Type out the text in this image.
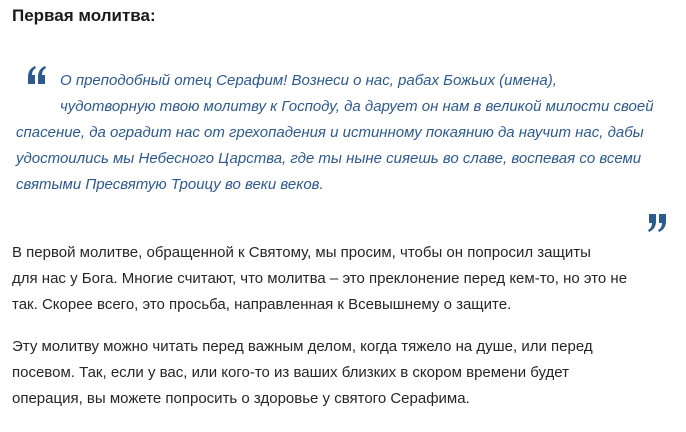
Первая молитва:
О преподобный отец Серафим! Вознеси о нас, рабах Божьих (имена),
чудотворную твою молитву к Господу, да дарует он нам в великой милости своей
спасение, да оградит нас от грехопадения и истинному покаянию да научит нас, дабы
удостоились мы Небесного Царства, где ты ныне сияешь во славе, воспевая со всеми
святыми Пресвятую Троицу во веки веков.
В первой молитве, обращенной к Святому, мы просим, чтобы он попросил защиты
для нас у Бога. Многие считают, что молитва – это преклонение перед кем-то, но это не
так. Скорее всего, это просьба, направленная к Всевышнему о защите.
Эту молитву можно читать перед важным делом, когда тяжело на душе, или перед
посевом. Так, если у вас, или кого-то из ваших близких в скором времени будет
операция, вы можете попросить о здоровье у святого Серафима.
